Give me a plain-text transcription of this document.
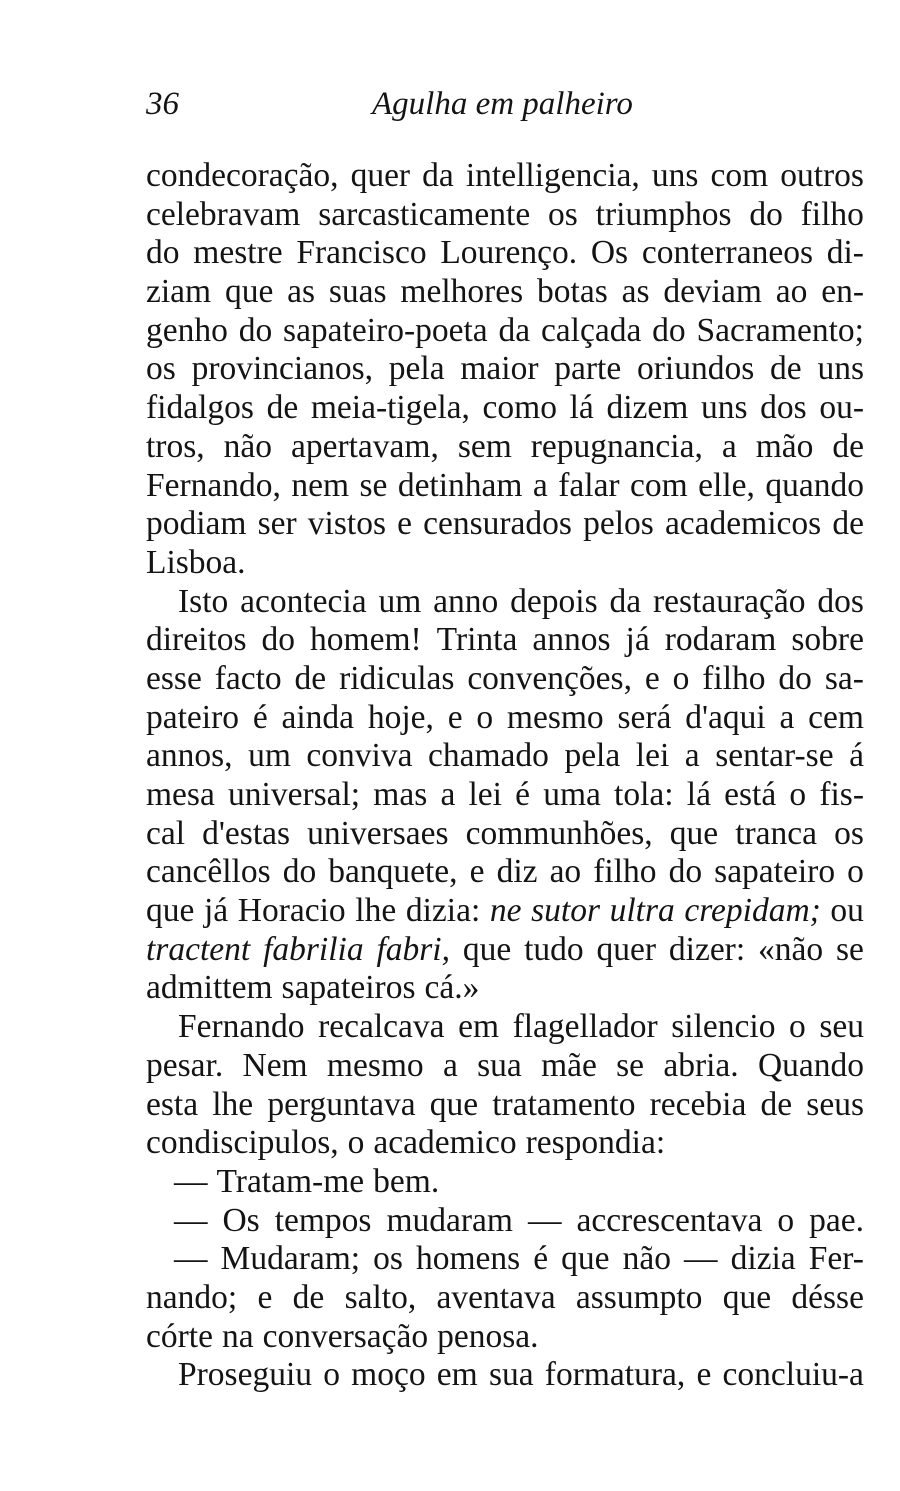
36	Agulha em palheiro
condecoração, quer da intelligencia, uns com outros
celebravam sarcasticamente os triumphos do filho
do mestre Francisco Lourenço. Os conterraneos di-
ziam que as suas melhores botas as deviam ao en-
genho do sapateiro-poeta da calçada do Sacramento;
os provincianos, pela maior parte oriundos de uns
fidalgos de meia-tigela, como lá dizem uns dos ou-
tros, não apertavam, sem repugnancia, a mão de
Fernando, nem se detinham a falar com elle, quando
podiam ser vistos e censurados pelos academicos de
Lisboa.
Isto acontecia um anno depois da restauração dos
direitos do homem! Trinta annos já rodaram sobre
esse facto de ridiculas convenções, e o filho do sa-
pateiro é ainda hoje, e o mesmo será d'aqui a cem
annos, um conviva chamado pela lei a sentar-se á
mesa universal; mas a lei é uma tola: lá está o fis-
cal d'estas universaes communhões, que tranca os
cancêllos do banquete, e diz ao filho do sapateiro o
que já Horacio lhe dizia: ne sutor ultra crepidam; ou
tractent fabrilia fabri, que tudo quer dizer: «não se
admittem sapateiros cá.»
Fernando recalcava em flagellador silencio o seu
pesar. Nem mesmo a sua mãe se abria. Quando
esta lhe perguntava que tratamento recebia de seus
condiscipulos, o academico respondia:
— Tratam-me bem.
— Os tempos mudaram — accrescentava o pae.
— Mudaram; os homens é que não — dizia Fer-
nando; e de salto, aventava assumpto que désse
córte na conversação penosa.
Proseguiu o moço em sua formatura, e concluiu-a
